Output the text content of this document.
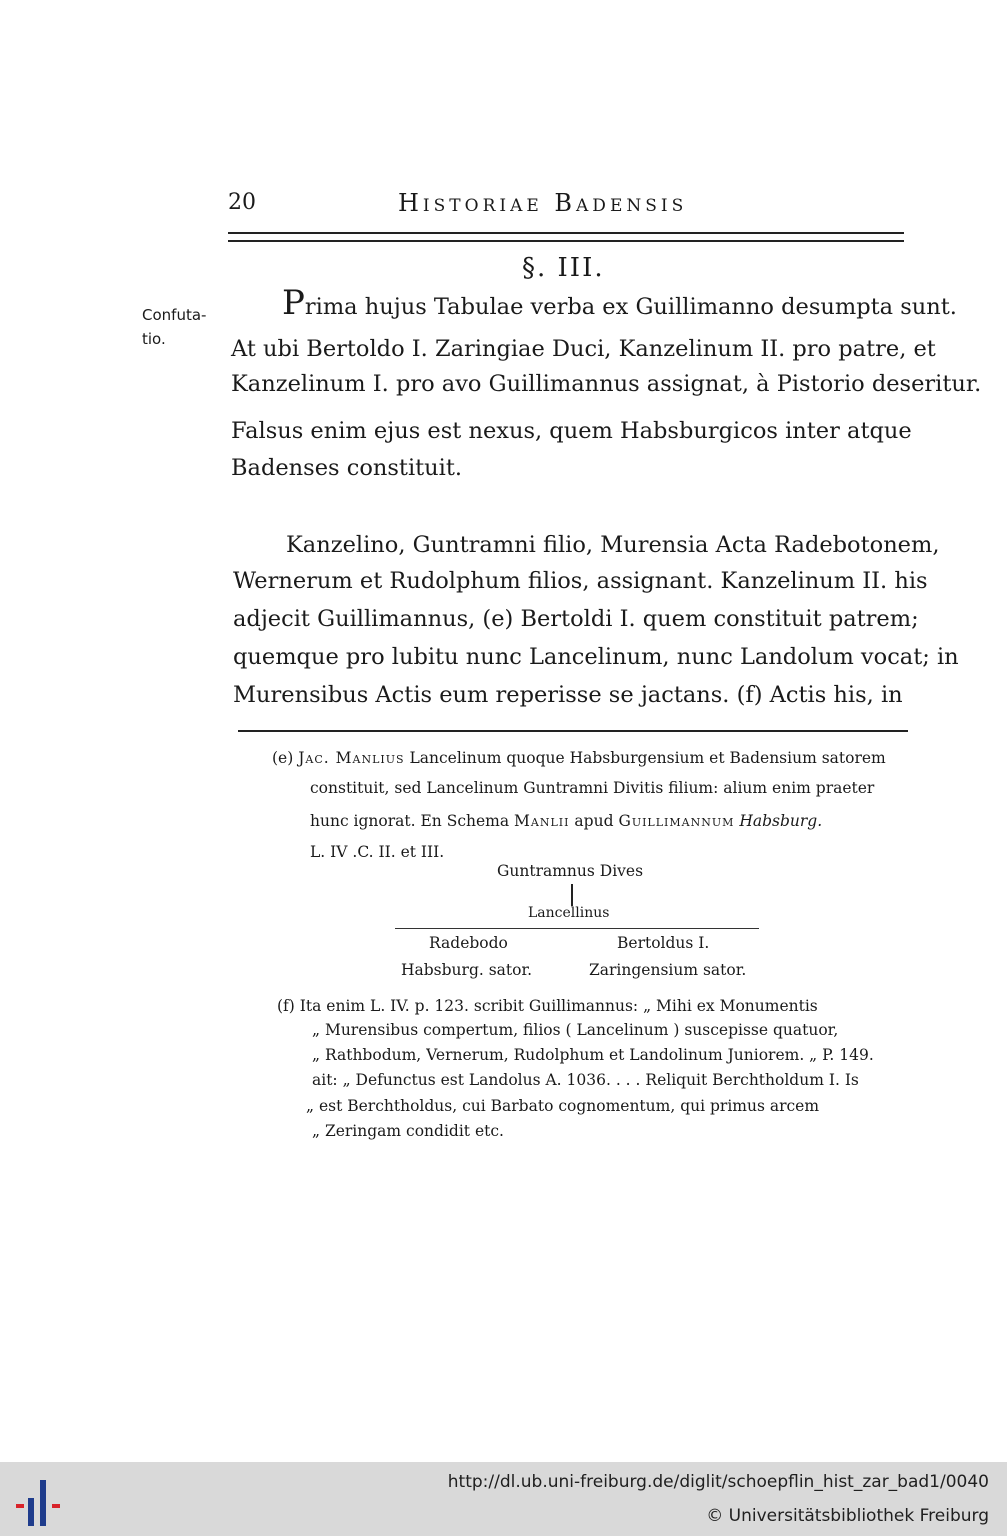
20	Historiae Badensis
§. III.
Confuta-
tio.
Prima hujus Tabulae verba ex Guillimanno desumpta sunt.
At ubi Bertoldo I. Zaringiae Duci, Kanzelinum II. pro patre, et
Kanzelinum I. pro avo Guillimannus assignat, à Pistorio deseritur.
Falsus enim ejus est nexus, quem Habsburgicos inter atque
Badenses constituit.
Kanzelino, Guntramni filio, Murensia Acta Radebotonem,
Wernerum et Rudolphum filios, assignant. Kanzelinum II. his
adjecit Guillimannus, (e) Bertoldi I. quem constituit patrem;
quemque pro lubitu nunc Lancelinum, nunc Landolum vocat; in
Murensibus Actis eum reperisse se jactans. (f) Actis his, in
(e) Jac. Manlius Lancelinum quoque Habsburgensium et Badensium satorem
constituit, sed Lancelinum Guntramni Divitis filium: alium enim praeter
hunc ignorat. En Schema Manlii apud Guillimannum Habsburg.
L. IV .C. II. et III.
Guntramnus Dives
Lancellinus
Radebodo	Bertoldus I.
Habsburg. sator.	Zaringensium sator.
(f) Ita enim L. IV. p. 123. scribit Guillimannus: „ Mihi ex Monumentis
„ Murensibus compertum, filios ( Lancelinum ) suscepisse quatuor,
„ Rathbodum, Vernerum, Rudolphum et Landolinum Juniorem. „ P. 149.
ait: „ Defunctus est Landolus A. 1036. . . . Reliquit Berchtholdum I. Is
„ est Berchtholdus, cui Barbato cognomentum, qui primus arcem
„ Zeringam condidit etc.
http://dl.ub.uni-freiburg.de/diglit/schoepflin_hist_zar_bad1/0040
© Universitätsbibliothek Freiburg
